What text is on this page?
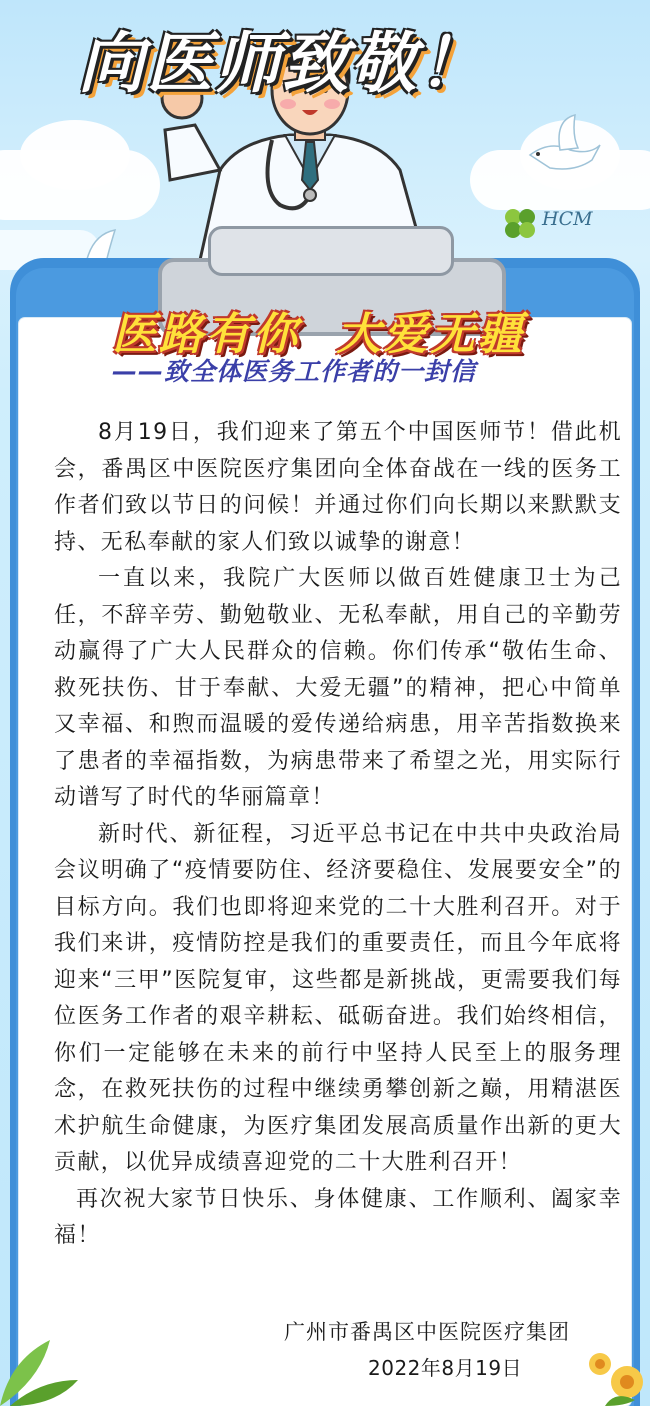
向医师致敬！
HCM
医路有你  大爱无疆
——致全体医务工作者的一封信

8月19日，我们迎来了第五个中国医师节！借此机会，番禺区中医院医疗集团向全体奋战在一线的医务工作者们致以节日的问候！并通过你们向长期以来默默支持、无私奉献的家人们致以诚挚的谢意！

一直以来，我院广大医师以做百姓健康卫士为己任，不辞辛劳、勤勉敬业、无私奉献，用自己的辛勤劳动赢得了广大人民群众的信赖。你们传承“敬佑生命、救死扶伤、甘于奉献、大爱无疆”的精神，把心中简单又幸福、和煦而温暖的爱传递给病患，用辛苦指数换来了患者的幸福指数，为病患带来了希望之光，用实际行动谱写了时代的华丽篇章！

新时代、新征程，习近平总书记在中共中央政治局会议明确了“疫情要防住、经济要稳住、发展要安全”的目标方向。我们也即将迎来党的二十大胜利召开。对于我们来讲，疫情防控是我们的重要责任，而且今年底将迎来“三甲”医院复审，这些都是新挑战，更需要我们每位医务工作者的艰辛耕耘、砥砺奋进。我们始终相信，你们一定能够在未来的前行中坚持人民至上的服务理念，在救死扶伤的过程中继续勇攀创新之巅，用精湛医术护航生命健康，为医疗集团发展高质量作出新的更大贡献，以优异成绩喜迎党的二十大胜利召开！

再次祝大家节日快乐、身体健康、工作顺利、阖家幸福！

广州市番禺区中医院医疗集团
2022年8月19日
